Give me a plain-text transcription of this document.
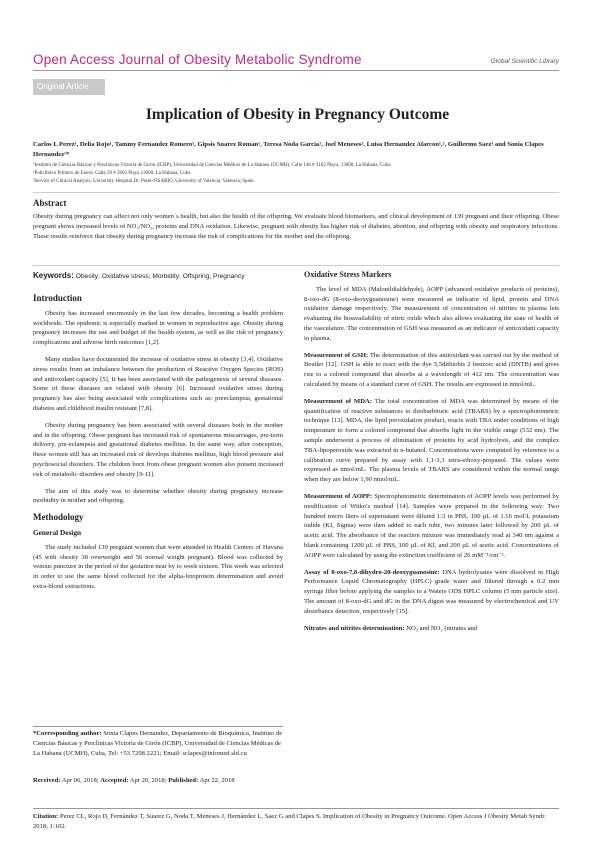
Open Access Journal of Obesity Metabolic Syndrome	Global Scientific Library
Original Article
Implication of Obesity in Pregnancy Outcome
Carlos L Perez¹, Delia Rojo¹, Tammy Fernandez Romero¹, Gipsis Suarez Roman¹, Teresa Noda Garcia¹, Joel Meneses², Luisa Hernandez Alarcon¹,², Guillermo Saez³ and Sonia Clapes Hernandez¹*
¹Instituto de Ciencias Básicas y Preclínicas Victoria de Girón (ICBP), Universidad de Ciencias Médicas de La Habana (UCMH), Calle 146 # 3102 Playa, 13000, La Habana, Cuba
²Policlínico Primero de Enero, Calle 29 # 2602 Playa 13000, La Habana, Cuba
³Service of Clinical Analysis, University Hospital Dr. Peset-FISABIO, University of Valencia, Valencia, Spain
Abstract
Obesity during pregnancy can affect not only women`s health, but also the health of the offspring. We evaluate blood biomarkers, and clinical development of 139 pregnant and their offspring. Obese pregnant shows increased levels of NO₃/NO₂, proteins and DNA oxidation. Likewise, pregnant with obesity has higher risk of diabetes, abortion, and offspring with obesity and respiratory infections. These results reinforce that obesity during pregnancy increase the risk of complications for the mother and the offspring.
Keywords: Obesity; Oxidative stress; Morbidity; Offspring; Pregnancy
Introduction

Obesity has increased enormously in the last few decades, becoming a health problem worldwide. The epidemic is especially marked in women in reproductive age. Obesity during pregnancy increases the use and budget of the health system, as well as the risk of pregnancy complications and adverse birth outcomes [1,2].

Many studies have documented the increase of oxidative stress in obesity [3,4]. Oxidative stress results from an imbalance between the production of Reactive Oxygen Species (ROS) and antioxidant capacity [5]. It has been associated with the pathogenesis of several diseases. Some of these diseases are related with obesity [6]. Increased oxidative stress during pregnancy has also being associated with complications such as: preeclampsia, gestational diabetes and childhood insulin resistant [7,8].

Obesity during pregnancy has been associated with several diseases both in the mother and in the offspring. Obese pregnant has increased risk of spontaneous miscarriages, pre-term delivery, pre-eclampsia and gestational diabetes mellitus. In the same way, after conception, these women still has an increased risk of develops diabetes mellitus, high blood pressure and psychosocial disorders. The children born from obese pregnant women also present increased risk of metabolic disorders and obesity [9-11].

The aim of this study was to determine whether obesity during pregnancy increase morbidity in mother and offspring.

Methodology
General Design

The study included 139 pregnant women that were attended in Health Centers of Havana (45 with obesity 38 overweight and 56 normal weight pregnant). Blood was collected by venous puncture in the period of the gestation near by to week sixteen. This week was selected in order to use the same blood collected for the alpha-fetoprotein determination and avoid extra-blood extractions.

*Corresponding author: Sonia Clapes Hernandez, Departamento de Bioquímica, Instituto de Ciencias Básicas y Preclínicas Victoria de Girón (ICBP), Universidad de Ciencias Médicas de La Habana (UCMH), Cuba, Tel: +53 7208 2221; Email: sclapes@infomed.sld.cu
Received: Apr 06, 2018; Accepted: Apr 20, 2018; Published: Apr 22, 2018
Oxidative Stress Markers

The level of MDA (Malonildialdehyde), AOPP (advanced oxidative products of proteins), 8-oxo-dG (8-oxo-deoxyguanosine) were measured as indicator of lipid, protein and DNA oxidative damage respectively. The measurement of concentration of nitrites in plasma lets evaluating the bioavailability of nitric oxide which also allows evaluating the state of health of the vasculature. The concentration of GSH was measured as an indicator of antioxidant capacity in plasma.

Measurement of GSH: The determination of this antioxidant was carried out by the method of Beutler [12]. GSH is able to react with the dye 5,5dithiobis 2 benzoic acid (DNTB) and gives rise to a colored compound that absorbs at a wavelength of 412 nm. The concentration was calculated by means of a standard curve of GSH. The results are expressed in nmol/mL.

Measurement of MDA: The total concentration of MDA was determined by means of the quantification of reactive substances to thiobarbituric acid (TBARS) by a spectrophotometric technique [13]. MDA, the lipid peroxidation product, reacts with TBA under conditions of high temperature to form a colored compound that absorbs light in the visible range (532 nm). The sample underwent a process of elimination of proteins by acid hydrolysis, and the complex TBA-lipoperoxide was extracted in n-butanol. Concentrations were computed by reference to a calibration curve prepared by assay with 1,1-3,3 tetra-ethoxy-propanol. The values were expressed as nmol/mL. The plasma levels of TBARS are considered within the normal range when they are below 1,90 nmol/mL.

Measurement of AOPP: Spectrophotometric determination of AOPP levels was performed by modification of Witko's method [14]. Samples were prepared in the following way: Two hundred micro liters of supernatant were diluted 1:3 in PBS, 100 µL of 1.16 mol/L potassium iodide (KI, Sigma) were then added to each tube, two minutes later followed by 200 µL of acetic acid. The absorbance of the reaction mixture was immediately read at 340 nm against a blank containing 1200 µL of PBS, 100 µL of KI, and 200 µL of acetic acid. Concentrations of AOPP were calculated by using the extinction coefficient of 26 mM⁻¹/cm⁻¹.

Assay of 8-oxo-7,8-dihydro-20-deoxyguanosine: DNA hydrolysates were dissolved in High Performance Liquid Chromatography (HPLC) grade water and filtered through a 0.2 mm syringe filter before applying the samples to a Waters ODS HPLC column (5 mm particle size). The amount of 8-oxo-dG and dG in the DNA digest was measured by electrochemical and UV absorbance detection, respectively [15].

Nitrates and nitrites determination: NO₃ and NO₂ (nitrates and

Citation: Perez CL, Rojo D, Fernández T, Suarez G, Noda T, Meneses J, Hernández L, Saez G and Clapes S. Implication of Obesity in Pregnancy Outcome. Open Access J Obesity Metab Syndr. 2018; 1:102.
